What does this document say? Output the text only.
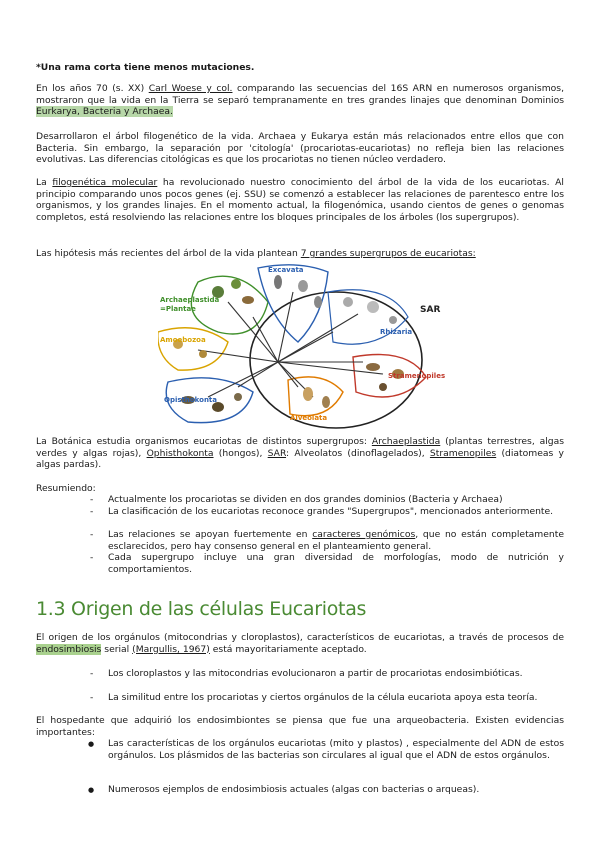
*Una rama corta tiene menos mutaciones.

En los años 70 (s. XX) Carl Woese y col. comparando las secuencias del 16S ARN en numerosos organismos, mostraron que la vida en la Tierra se separó tempranamente en tres grandes linajes que denominan Dominios Eurkarya, Bacteria y Archaea.

Desarrollaron el árbol filogenético de la vida. Archaea y Eukarya están más relacionados entre ellos que con Bacteria. Sin embargo, la separación por 'citología' (procariotas-eucariotas) no refleja bien las relaciones evolutivas. Las diferencias citológicas es que los procariotas no tienen núcleo verdadero.

La filogenética molecular ha revolucionado nuestro conocimiento del árbol de la vida de los eucariotas. Al principio comparando unos pocos genes (ej. SSU) se comenzó a establecer las relaciones de parentesco entre los organismos, y los grandes linajes. En el momento actual, la filogenómica, usando cientos de genes o genomas completos, está resolviendo las relaciones entre los bloques principales de los árboles (los supergrupos).

Las hipótesis más recientes del árbol de la vida plantean 7 grandes supergrupos de eucariotas:

Archaeplastida
=Plantae
Excavata
SAR
Rhizaria
Amoebozoa
Stramenopiles
Opisthokonta
Alveolata

La Botánica estudia organismos eucariotas de distintos supergrupos: Archaeplastida (plantas terrestres, algas verdes y algas rojas), Ophisthokonta (hongos), SAR: Alveolatos (dinoflagelados), Stramenopiles (diatomeas y algas pardas).

Resumiendo:

- Actualmente los procariotas se dividen en dos grandes dominios (Bacteria y Archaea)

- La clasificación de los eucariotas reconoce grandes "Supergrupos", mencionados anteriormente.

- Las relaciones se apoyan fuertemente en caracteres genómicos, que no están completamente esclarecidos, pero hay consenso general en el planteamiento general.

- Cada supergrupo incluye una gran diversidad de morfologías, modo de nutrición y comportamientos.

1.3 Origen de las células Eucariotas

El origen de los orgánulos (mitocondrias y cloroplastos), característicos de eucariotas, a través de procesos de endosimbiosis serial (Margullis, 1967) está mayoritariamente aceptado.

- Los cloroplastos y las mitocondrias evolucionaron a partir de procariotas endosimbióticas.

- La similitud entre los procariotas y ciertos orgánulos de la célula eucariota apoya esta teoría.

El hospedante que adquirió los endosimbiontes se piensa que fue una arqueobacteria. Existen evidencias importantes:

● Las características de los orgánulos eucariotas (mito y plastos) , especialmente del ADN de estos orgánulos. Los plásmidos de las bacterias son circulares al igual que el ADN de estos orgánulos.

● Numerosos ejemplos de endosimbiosis actuales (algas con bacterias o arqueas).
